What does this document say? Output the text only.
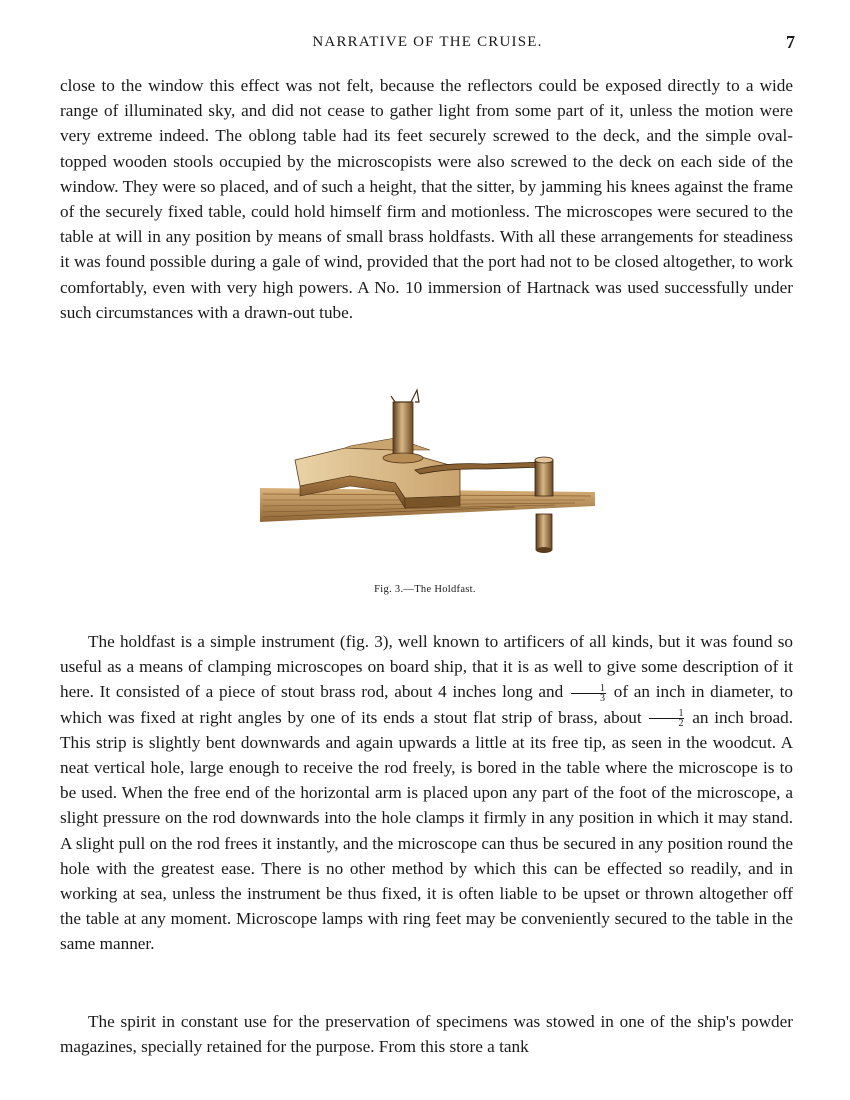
NARRATIVE OF THE CRUISE.	7

close to the window this effect was not felt, because the reflectors could be exposed directly to a wide range of illuminated sky, and did not cease to gather light from some part of it, unless the motion were very extreme indeed. The oblong table had its feet securely screwed to the deck, and the simple oval-topped wooden stools occupied by the microscopists were also screwed to the deck on each side of the window. They were so placed, and of such a height, that the sitter, by jamming his knees against the frame of the securely fixed table, could hold himself firm and motionless. The microscopes were secured to the table at will in any position by means of small brass holdfasts. With all these arrangements for steadiness it was found possible during a gale of wind, provided that the port had not to be closed altogether, to work comfortably, even with very high powers. A No. 10 immersion of Hartnack was used successfully under such circumstances with a drawn-out tube.

Fig. 3.—The Holdfast.

The holdfast is a simple instrument (fig. 3), well known to artificers of all kinds, but it was found so useful as a means of clamping microscopes on board ship, that it is as well to give some description of it here. It consisted of a piece of stout brass rod, about 4 inches long and $\frac{1}{3}$ of an inch in diameter, to which was fixed at right angles by one of its ends a stout flat strip of brass, about $\frac{1}{2}$ an inch broad. This strip is slightly bent downwards and again upwards a little at its free tip, as seen in the woodcut. A neat vertical hole, large enough to receive the rod freely, is bored in the table where the microscope is to be used. When the free end of the horizontal arm is placed upon any part of the foot of the microscope, a slight pressure on the rod downwards into the hole clamps it firmly in any position in which it may stand. A slight pull on the rod frees it instantly, and the microscope can thus be secured in any position round the hole with the greatest ease. There is no other method by which this can be effected so readily, and in working at sea, unless the instrument be thus fixed, it is often liable to be upset or thrown altogether off the table at any moment. Microscope lamps with ring feet may be conveniently secured to the table in the same manner.

The spirit in constant use for the preservation of specimens was stowed in one of the ship's powder magazines, specially retained for the purpose. From this store a tank
